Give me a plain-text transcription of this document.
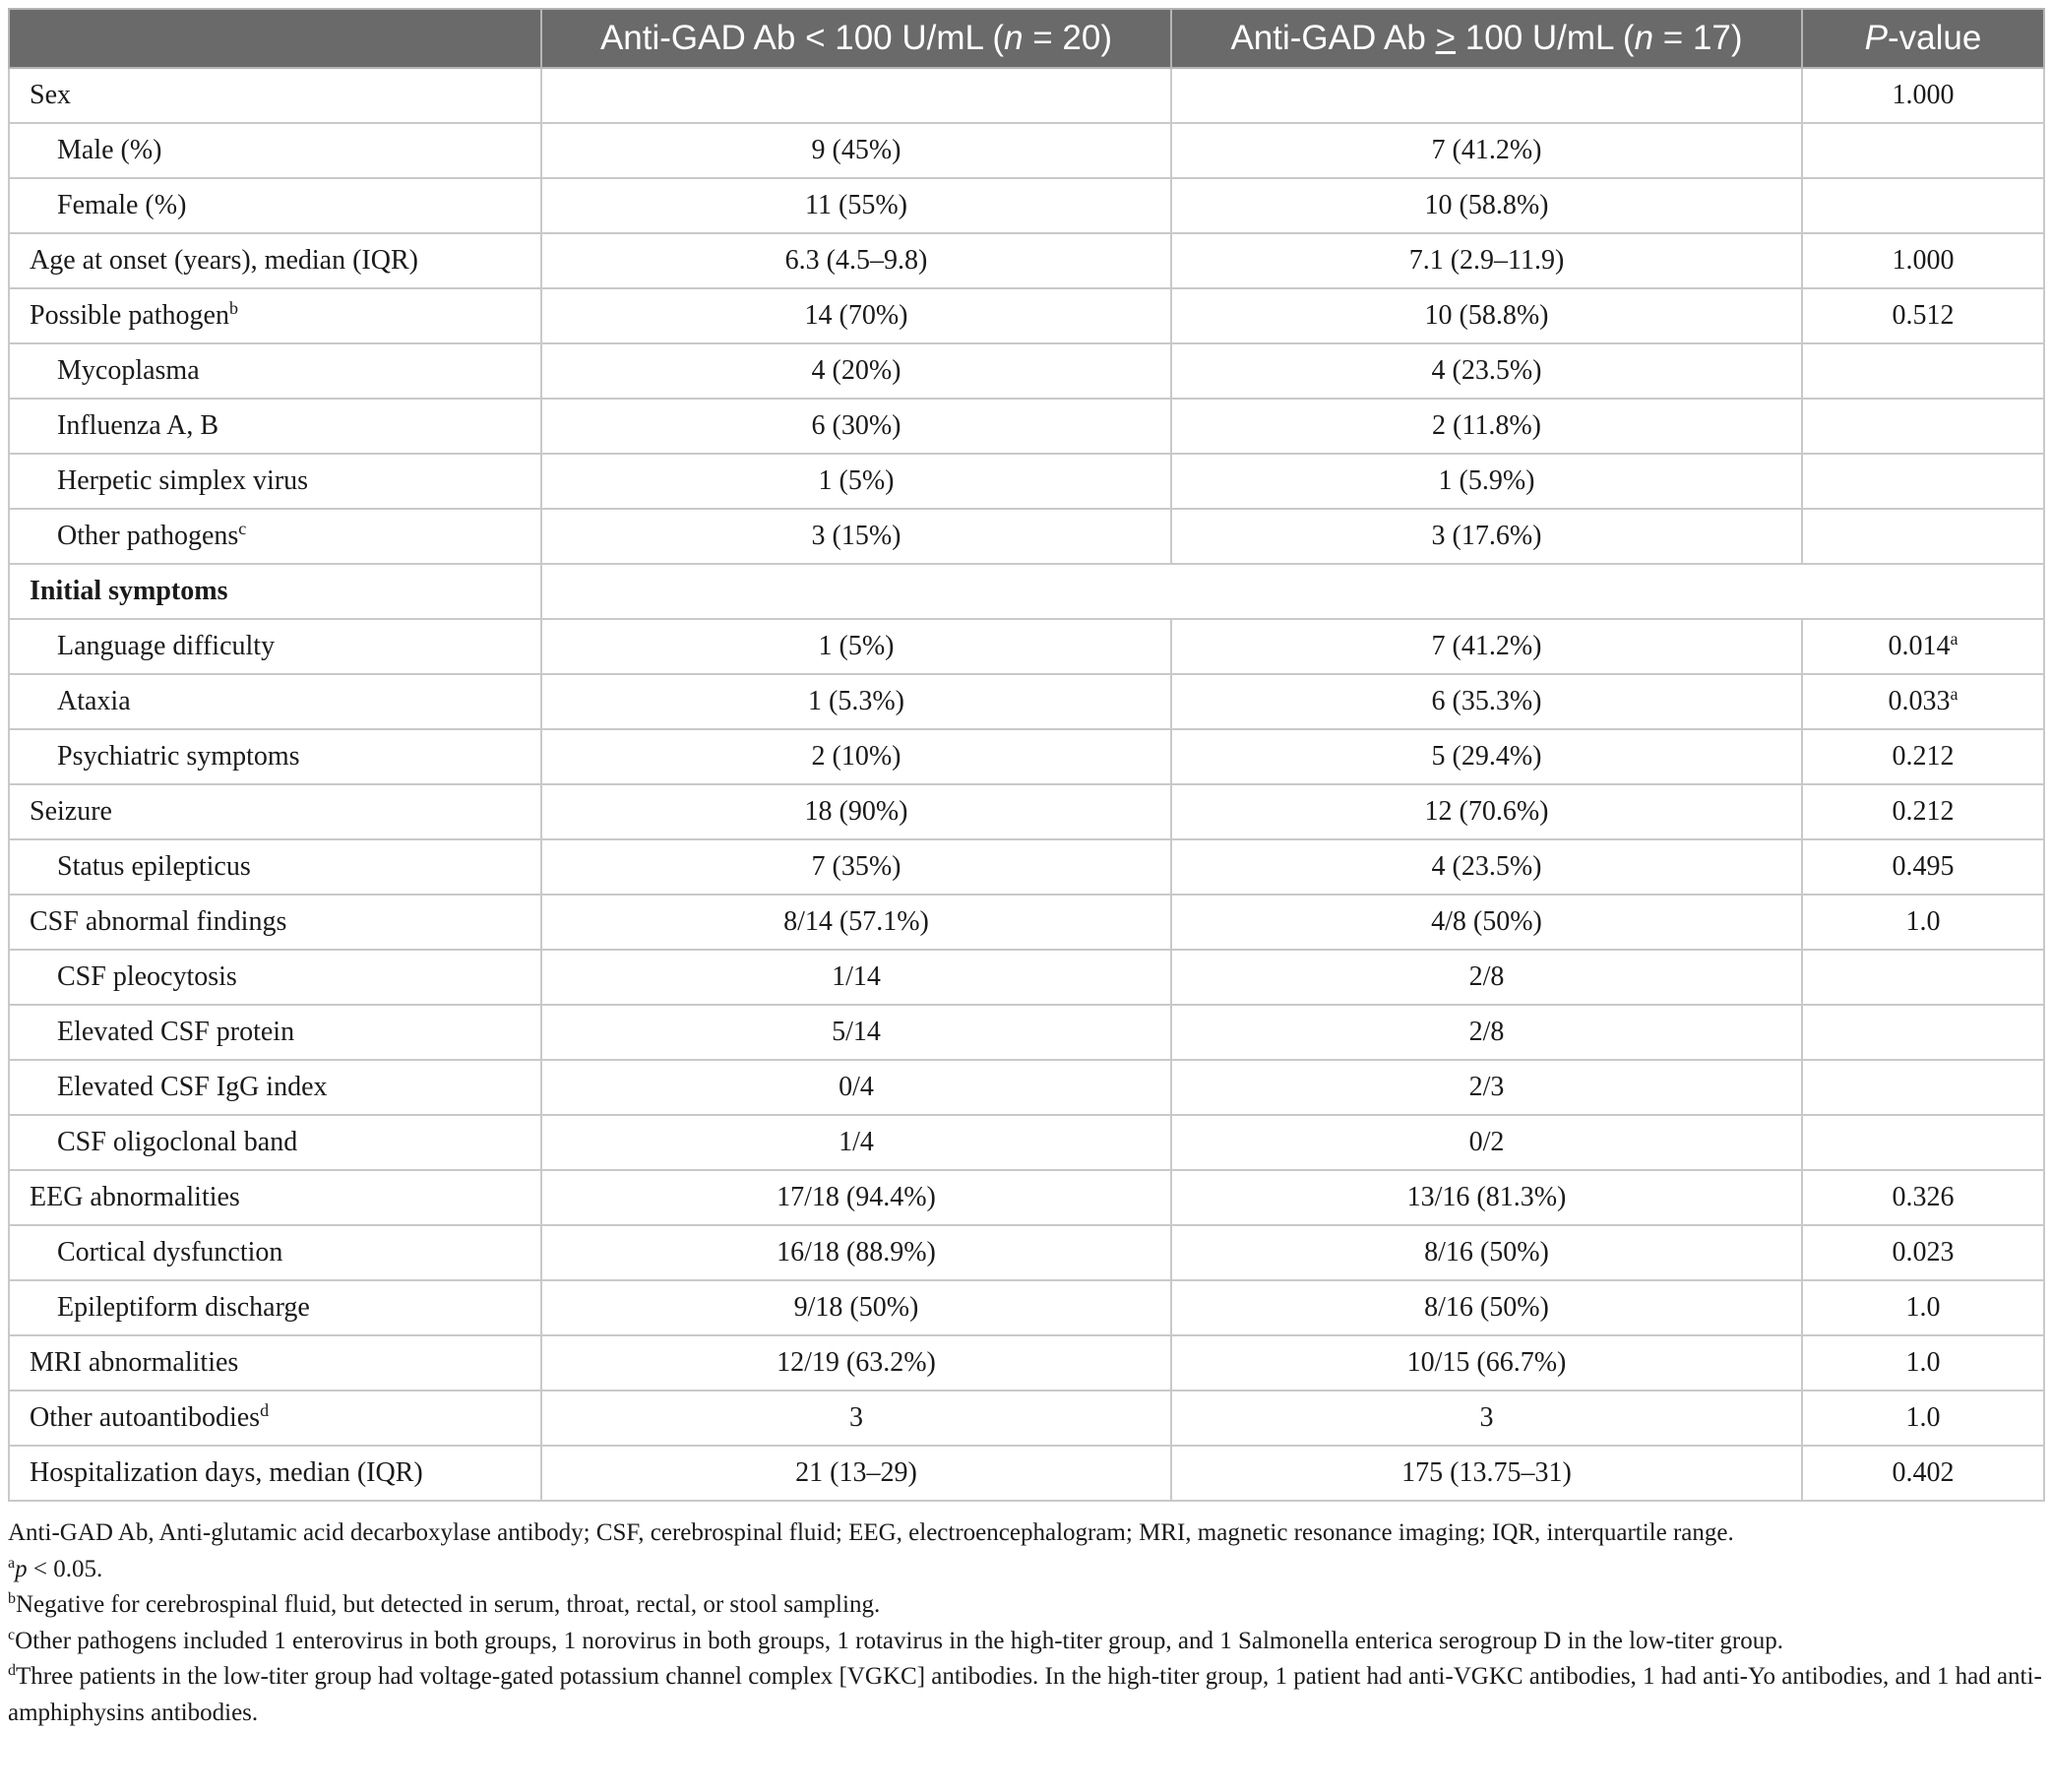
	Anti-GAD Ab < 100 U/mL (n = 20)	Anti-GAD Ab > 100 U/mL (n = 17)	P-value
Sex			1.000
Male (%)	9 (45%)	7 (41.2%)	
Female (%)	11 (55%)	10 (58.8%)	
Age at onset (years), median (IQR)	6.3 (4.5–9.8)	7.1 (2.9–11.9)	1.000
Possible pathogen$^b$	14 (70%)	10 (58.8%)	0.512
Mycoplasma	4 (20%)	4 (23.5%)	
Influenza A, B	6 (30%)	2 (11.8%)	
Herpetic simplex virus	1 (5%)	1 (5.9%)	
Other pathogens$^c$	3 (15%)	3 (17.6%)	
Initial symptoms			
Language difficulty	1 (5%)	7 (41.2%)	0.014$^a$
Ataxia	1 (5.3%)	6 (35.3%)	0.033$^a$
Psychiatric symptoms	2 (10%)	5 (29.4%)	0.212
Seizure	18 (90%)	12 (70.6%)	0.212
Status epilepticus	7 (35%)	4 (23.5%)	0.495
CSF abnormal findings	8/14 (57.1%)	4/8 (50%)	1.0
CSF pleocytosis	1/14	2/8	
Elevated CSF protein	5/14	2/8	
Elevated CSF IgG index	0/4	2/3	
CSF oligoclonal band	1/4	0/2	
EEG abnormalities	17/18 (94.4%)	13/16 (81.3%)	0.326
Cortical dysfunction	16/18 (88.9%)	8/16 (50%)	0.023
Epileptiform discharge	9/18 (50%)	8/16 (50%)	1.0
MRI abnormalities	12/19 (63.2%)	10/15 (66.7%)	1.0
Other autoantibodies$^d$	3	3	1.0
Hospitalization days, median (IQR)	21 (13–29)	175 (13.75–31)	0.402

Anti-GAD Ab, Anti-glutamic acid decarboxylase antibody; CSF, cerebrospinal fluid; EEG, electroencephalogram; MRI, magnetic resonance imaging; IQR, interquartile range.

$^a$p < 0.05.

$^b$Negative for cerebrospinal fluid, but detected in serum, throat, rectal, or stool sampling.

$^c$Other pathogens included 1 enterovirus in both groups, 1 norovirus in both groups, 1 rotavirus in the high-titer group, and 1 Salmonella enterica serogroup D in the low-titer group.

$^d$Three patients in the low-titer group had voltage-gated potassium channel complex [VGKC] antibodies. In the high-titer group, 1 patient had anti-VGKC antibodies, 1 had anti-Yo antibodies, and 1 had anti-amphiphysins antibodies.
